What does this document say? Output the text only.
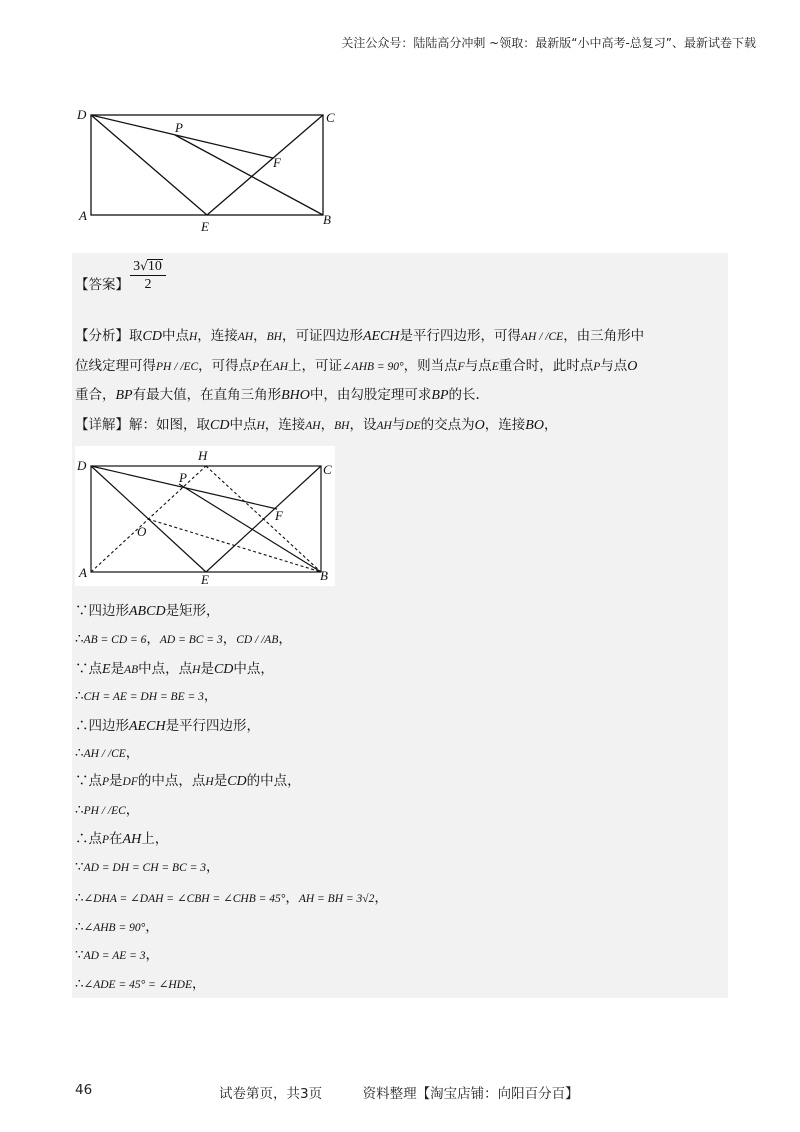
关注公众号：陆陆高分冲刺 ~领取：最新版“小中高考-总复习”、最新试卷下载
D	C
P
F
A
E	B
【答案】 $\frac{3√10}{2}$
【分析】取CD中点H，连接AH，BH，可证四边形AECH是平行四边形，可得AH / /CE，由三角形中
位线定理可得PH / /EC，可得点P在AH上，可证∠AHB = 90°，则当点F与点E重合时，此时点P与点O
重合，BP有最大值，在直角三角形BHO中，由勾股定理可求BP的长.
【详解】解：如图，取CD中点H，连接AH，BH，设AH与DE的交点为O，连接BO，
D
H
C
P
F
O
A	E	B
∵四边形ABCD是矩形，
∴AB = CD = 6，AD = BC = 3，CD / /AB，
∵点E是AB中点，点H是CD中点，
∴CH = AE = DH = BE = 3，
∴四边形AECH是平行四边形，
∴AH / /CE，
∵点P是DF的中点，点H是CD的中点，
∴PH / /EC，
∴点P在AH上，
∵AD = DH = CH = BC = 3，
∴∠DHA = ∠DAH = ∠CBH = ∠CHB = 45°，AH = BH = 3√2，
∴∠AHB = 90°，
∵AD = AE = 3，
∴∠ADE = 45° = ∠HDE，
46	试卷第页，共3页　　　资料整理【淘宝店铺：向阳百分百】
